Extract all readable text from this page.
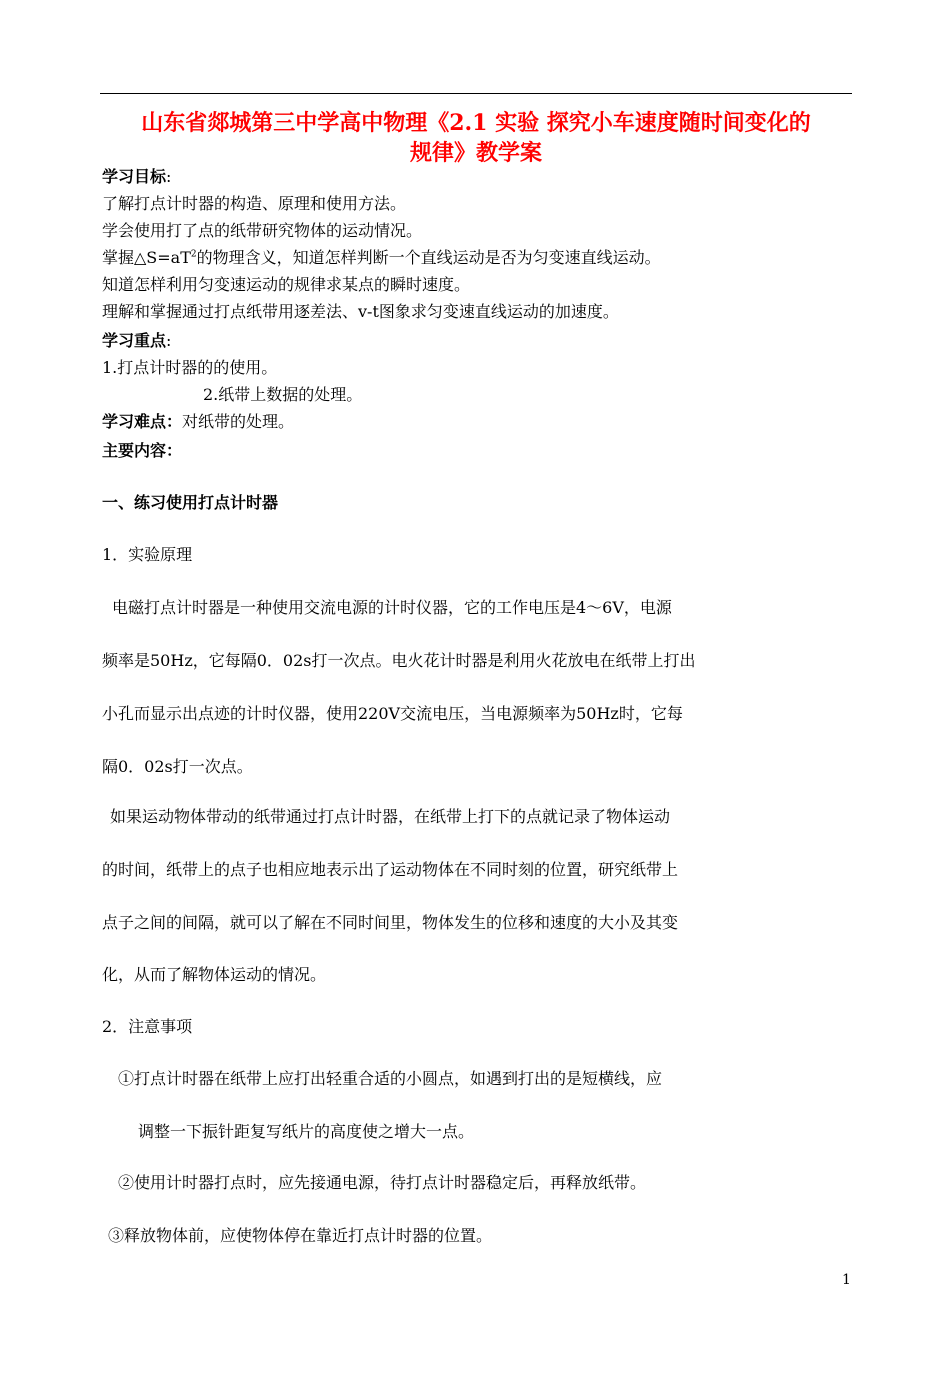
山东省郯城第三中学高中物理《2.1 实验 探究小车速度随时间变化的
规律》教学案
学习目标:
了解打点计时器的构造、原理和使用方法。
学会使用打了点的纸带研究物体的运动情况。
掌握$\triangle S=aT^2$的物理含义，知道怎样判断一个直线运动是否为匀变速直线运动。
知道怎样利用匀变速运动的规律求某点的瞬时速度。
理解和掌握通过打点纸带用逐差法、v-t图象求匀变速直线运动的加速度。
学习重点:
1.打点计时器的的使用。
2.纸带上数据的处理。
学习难点：对纸带的处理。
主要内容：
一、练习使用打点计时器
1．实验原理
电磁打点计时器是一种使用交流电源的计时仪器，它的工作电压是4～6V，电源
频率是50Hz，它每隔0．02s打一次点。电火花计时器是利用火花放电在纸带上打出
小孔而显示出点迹的计时仪器，使用220V交流电压，当电源频率为50Hz时，它每
隔0．02s打一次点。
如果运动物体带动的纸带通过打点计时器，在纸带上打下的点就记录了物体运动
的时间，纸带上的点子也相应地表示出了运动物体在不同时刻的位置，研究纸带上
点子之间的间隔，就可以了解在不同时间里，物体发生的位移和速度的大小及其变
化，从而了解物体运动的情况。
2．注意事项
①打点计时器在纸带上应打出轻重合适的小圆点，如遇到打出的是短横线，应
调整一下振针距复写纸片的高度使之增大一点。
②使用计时器打点时，应先接通电源，待打点计时器稳定后，再释放纸带。
③释放物体前，应使物体停在靠近打点计时器的位置。
1
